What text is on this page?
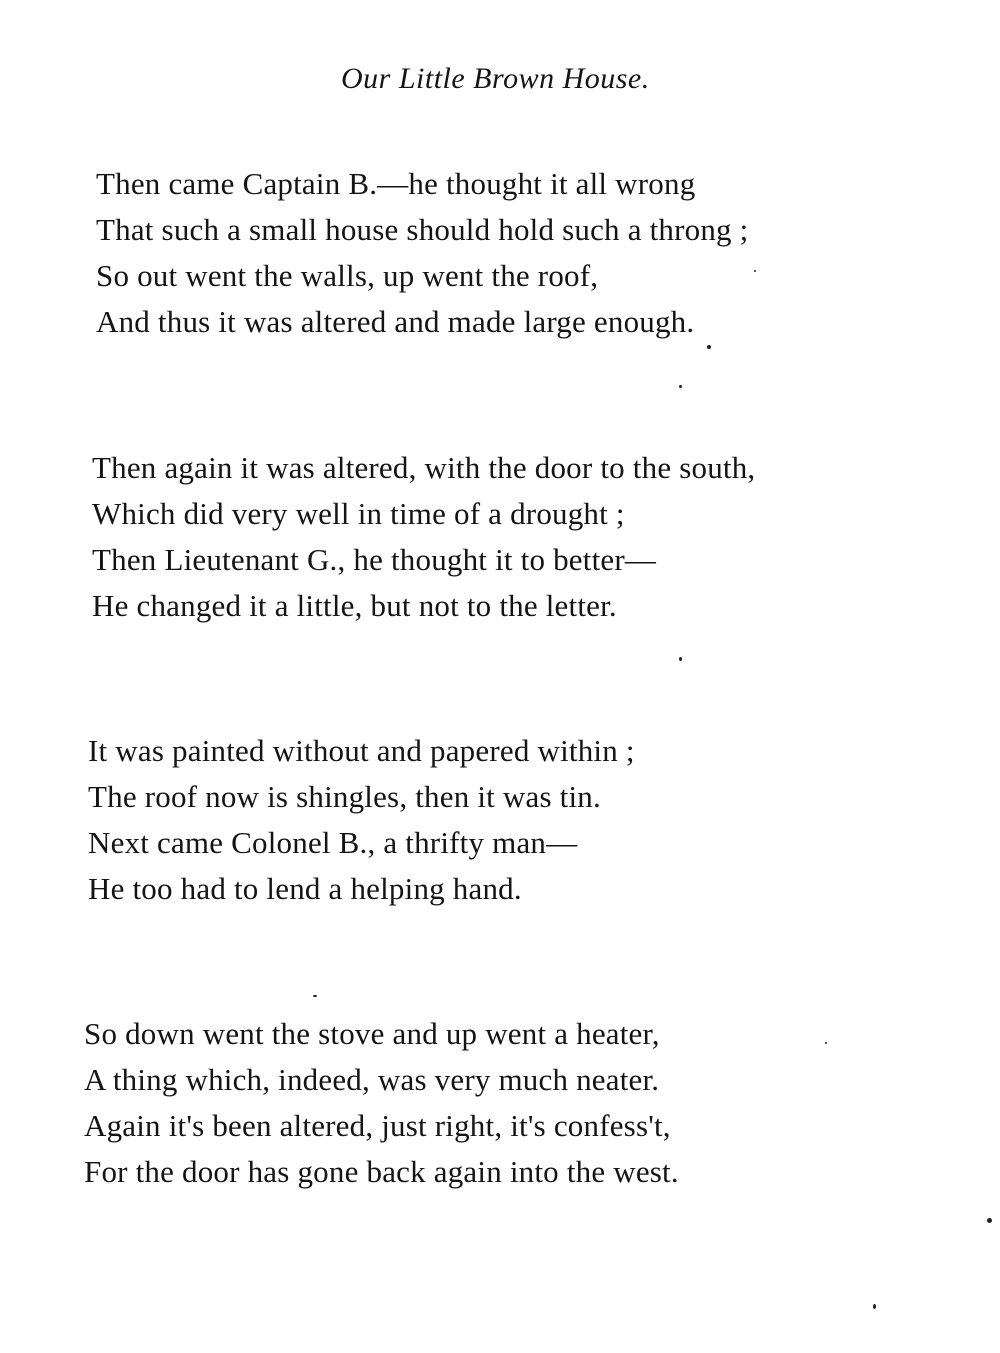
Our Little Brown House.
Then came Captain B.—he thought it all wrong
That such a small house should hold such a throng ;
So out went the walls, up went the roof,
And thus it was altered and made large enough.
Then again it was altered, with the door to the south,
Which did very well in time of a drought ;
Then Lieutenant G., he thought it to better—
He changed it a little, but not to the letter.
It was painted without and papered within ;
The roof now is shingles, then it was tin.
Next came Colonel B., a thrifty man—
He too had to lend a helping hand.
So down went the stove and up went a heater,
A thing which, indeed, was very much neater.
Again it's been altered, just right, it's confess't,
For the door has gone back again into the west.
